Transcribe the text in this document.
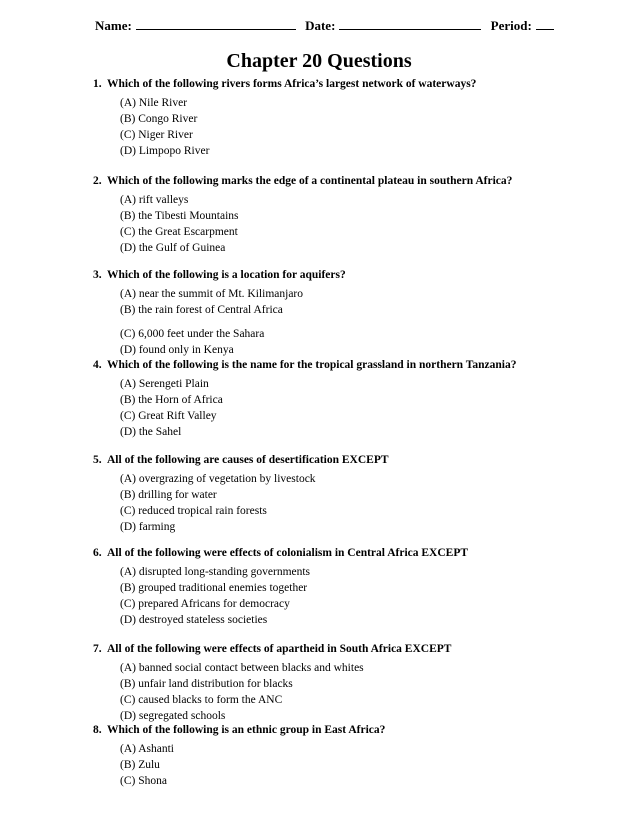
Name:	Date:	Period:
Chapter 20 Questions
1. Which of the following rivers forms Africa’s largest network of waterways?
(A) Nile River
(B) Congo River
(C) Niger River
(D) Limpopo River
2. Which of the following marks the edge of a continental plateau in southern Africa?
(A) rift valleys
(B) the Tibesti Mountains
(C) the Great Escarpment
(D) the Gulf of Guinea
3. Which of the following is a location for aquifers?
(A) near the summit of Mt. Kilimanjaro
(B) the rain forest of Central Africa
(C) 6,000 feet under the Sahara
(D) found only in Kenya
4. Which of the following is the name for the tropical grassland in northern Tanzania?
(A) Serengeti Plain
(B) the Horn of Africa
(C) Great Rift Valley
(D) the Sahel
5. All of the following are causes of desertification EXCEPT
(A) overgrazing of vegetation by livestock
(B) drilling for water
(C) reduced tropical rain forests
(D) farming
6. All of the following were effects of colonialism in Central Africa EXCEPT
(A) disrupted long-standing governments
(B) grouped traditional enemies together
(C) prepared Africans for democracy
(D) destroyed stateless societies
7. All of the following were effects of apartheid in South Africa EXCEPT
(A) banned social contact between blacks and whites
(B) unfair land distribution for blacks
(C) caused blacks to form the ANC
(D) segregated schools
8. Which of the following is an ethnic group in East Africa?
(A) Ashanti
(B) Zulu
(C) Shona
